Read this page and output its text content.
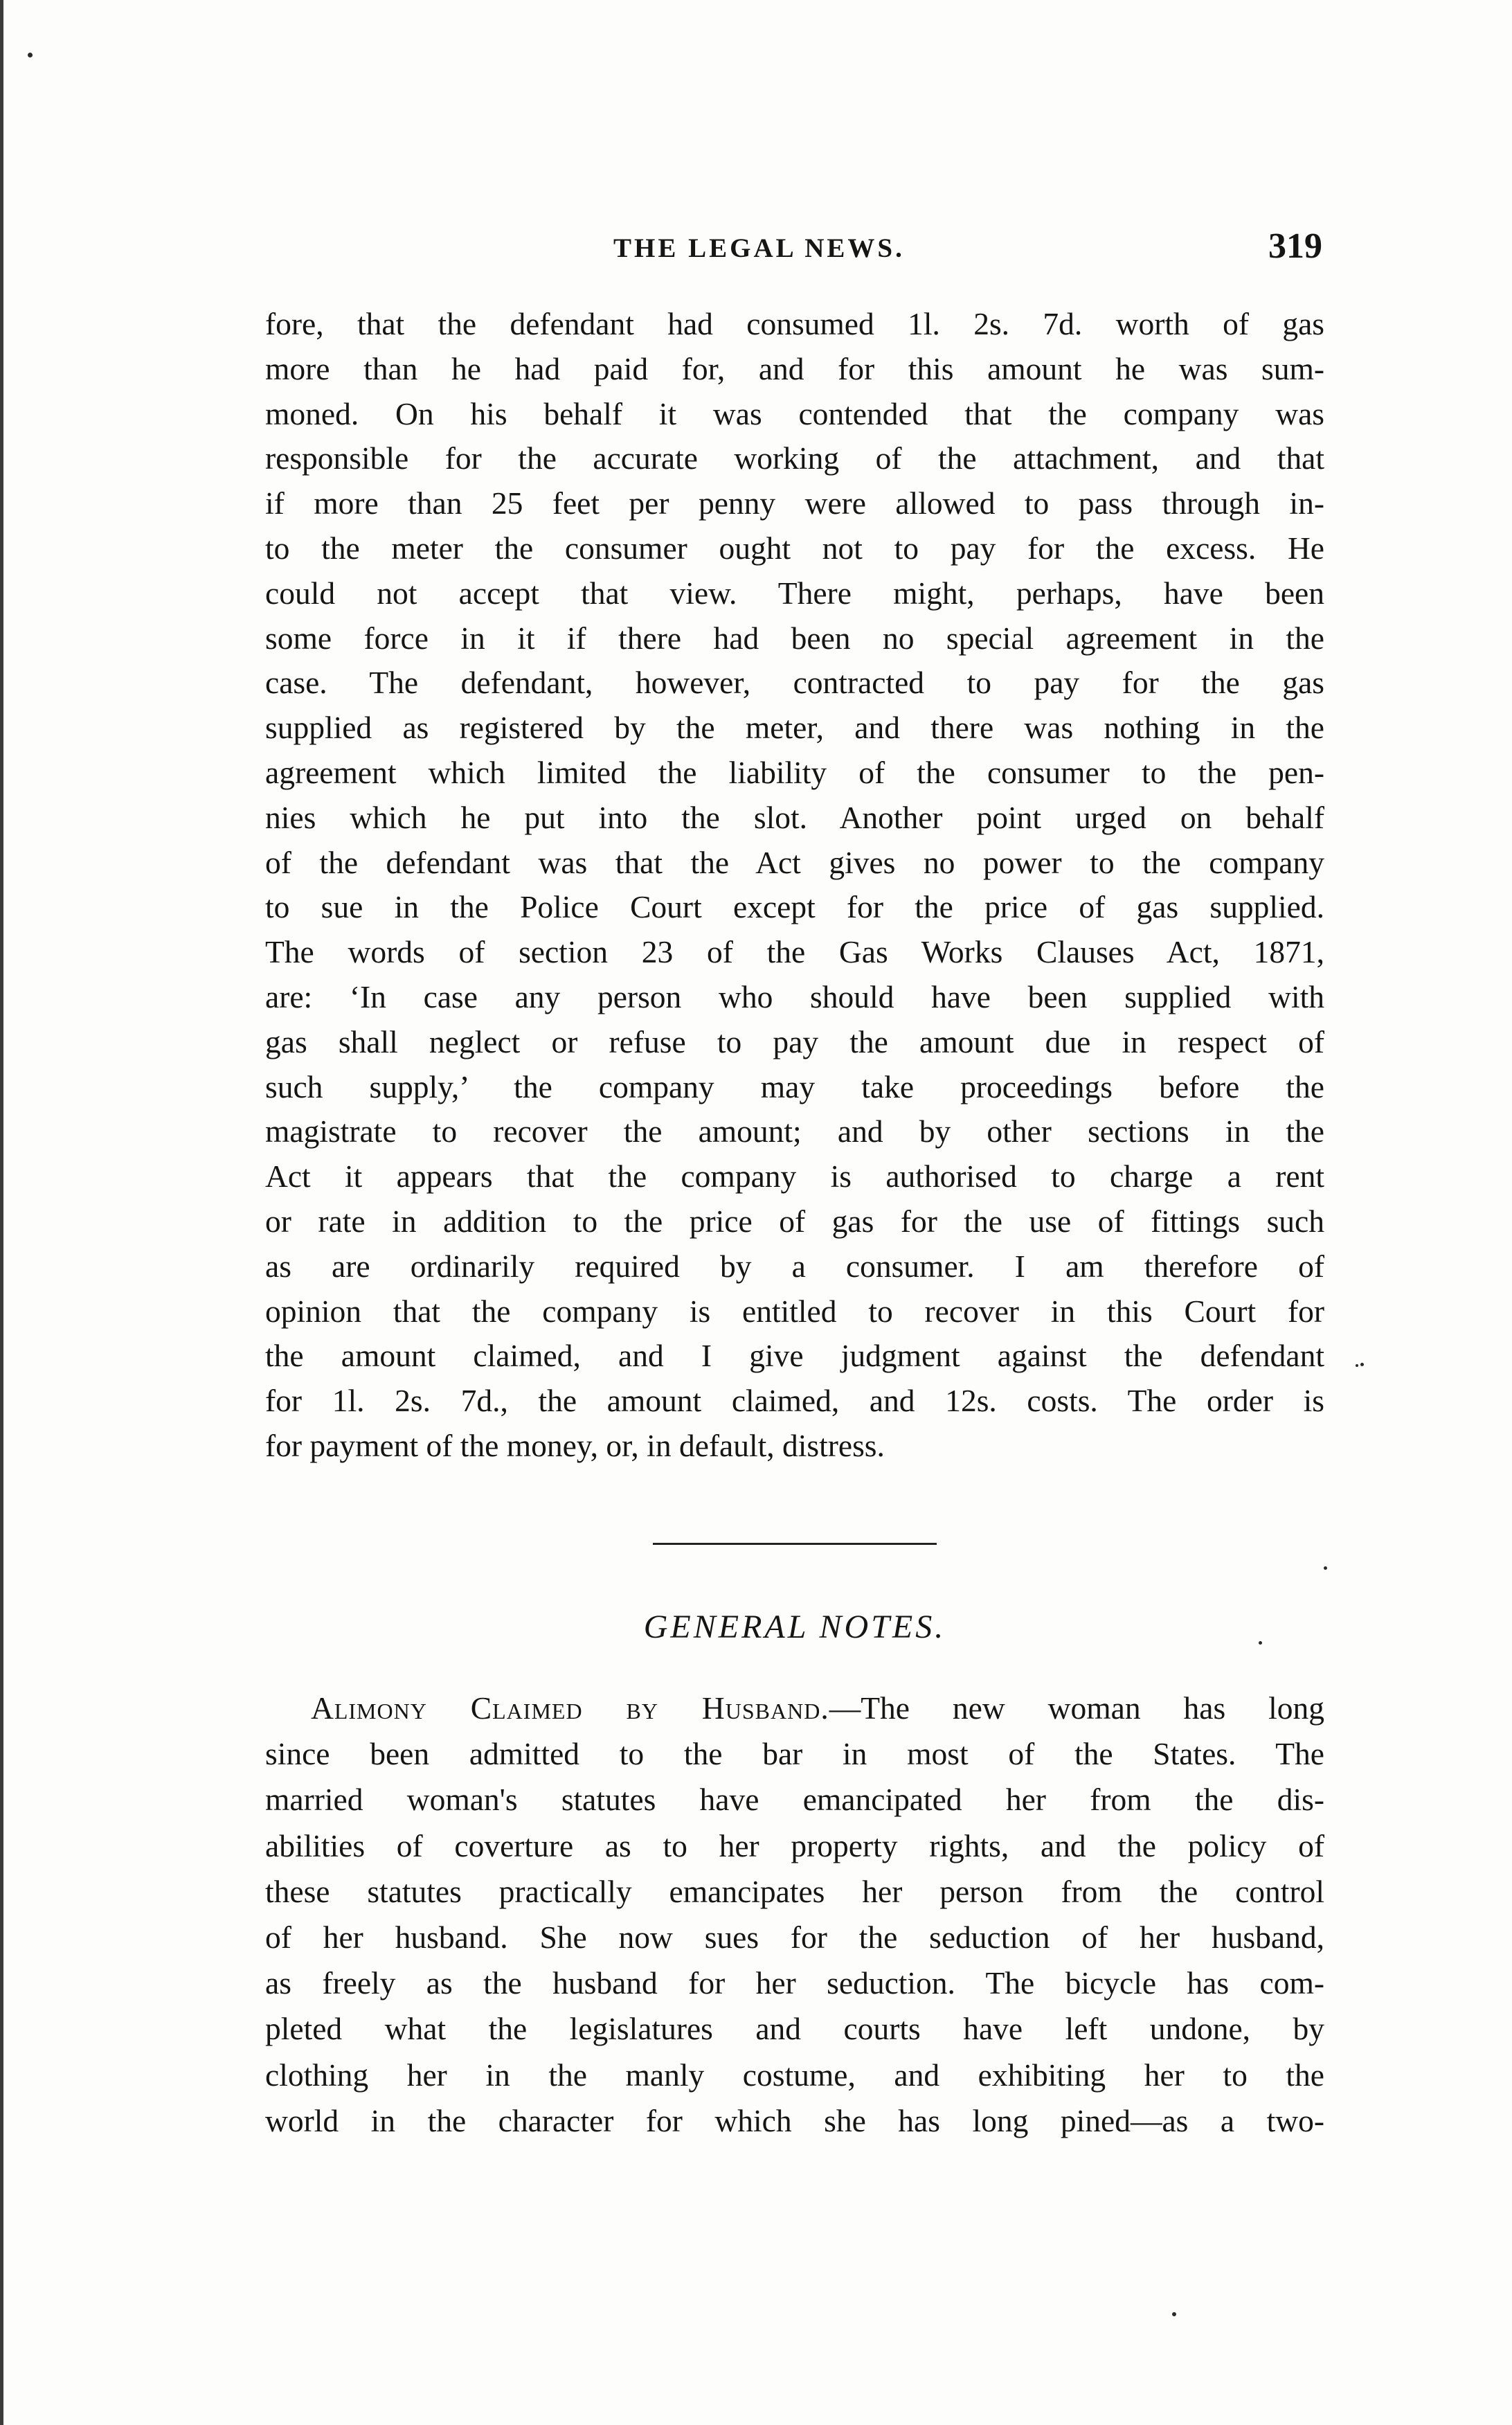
THE LEGAL NEWS.	319
fore, that the defendant had consumed 1l. 2s. 7d. worth of gas
more than he had paid for, and for this amount he was sum-
moned. On his behalf it was contended that the company was
responsible for the accurate working of the attachment, and that
if more than 25 feet per penny were allowed to pass through in-
to the meter the consumer ought not to pay for the excess. He
could not accept that view. There might, perhaps, have been
some force in it if there had been no special agreement in the
case. The defendant, however, contracted to pay for the gas
supplied as registered by the meter, and there was nothing in the
agreement which limited the liability of the consumer to the pen-
nies which he put into the slot. Another point urged on behalf
of the defendant was that the Act gives no power to the company
to sue in the Police Court except for the price of gas supplied.
The words of section 23 of the Gas Works Clauses Act, 1871,
are: ‘In case any person who should have been supplied with
gas shall neglect or refuse to pay the amount due in respect of
such supply,’ the company may take proceedings before the
magistrate to recover the amount; and by other sections in the
Act it appears that the company is authorised to charge a rent
or rate in addition to the price of gas for the use of fittings such
as are ordinarily required by a consumer. I am therefore of
opinion that the company is entitled to recover in this Court for
the amount claimed, and I give judgment against the defendant
for 1l. 2s. 7d., the amount claimed, and 12s. costs. The order is
for payment of the money, or, in default, distress.
GENERAL NOTES.
Alimony Claimed by Husband.—The new woman has long
since been admitted to the bar in most of the States. The
married woman's statutes have emancipated her from the dis-
abilities of coverture as to her property rights, and the policy of
these statutes practically emancipates her person from the control
of her husband. She now sues for the seduction of her husband,
as freely as the husband for her seduction. The bicycle has com-
pleted what the legislatures and courts have left undone, by
clothing her in the manly costume, and exhibiting her to the
world in the character for which she has long pined—as a two-
